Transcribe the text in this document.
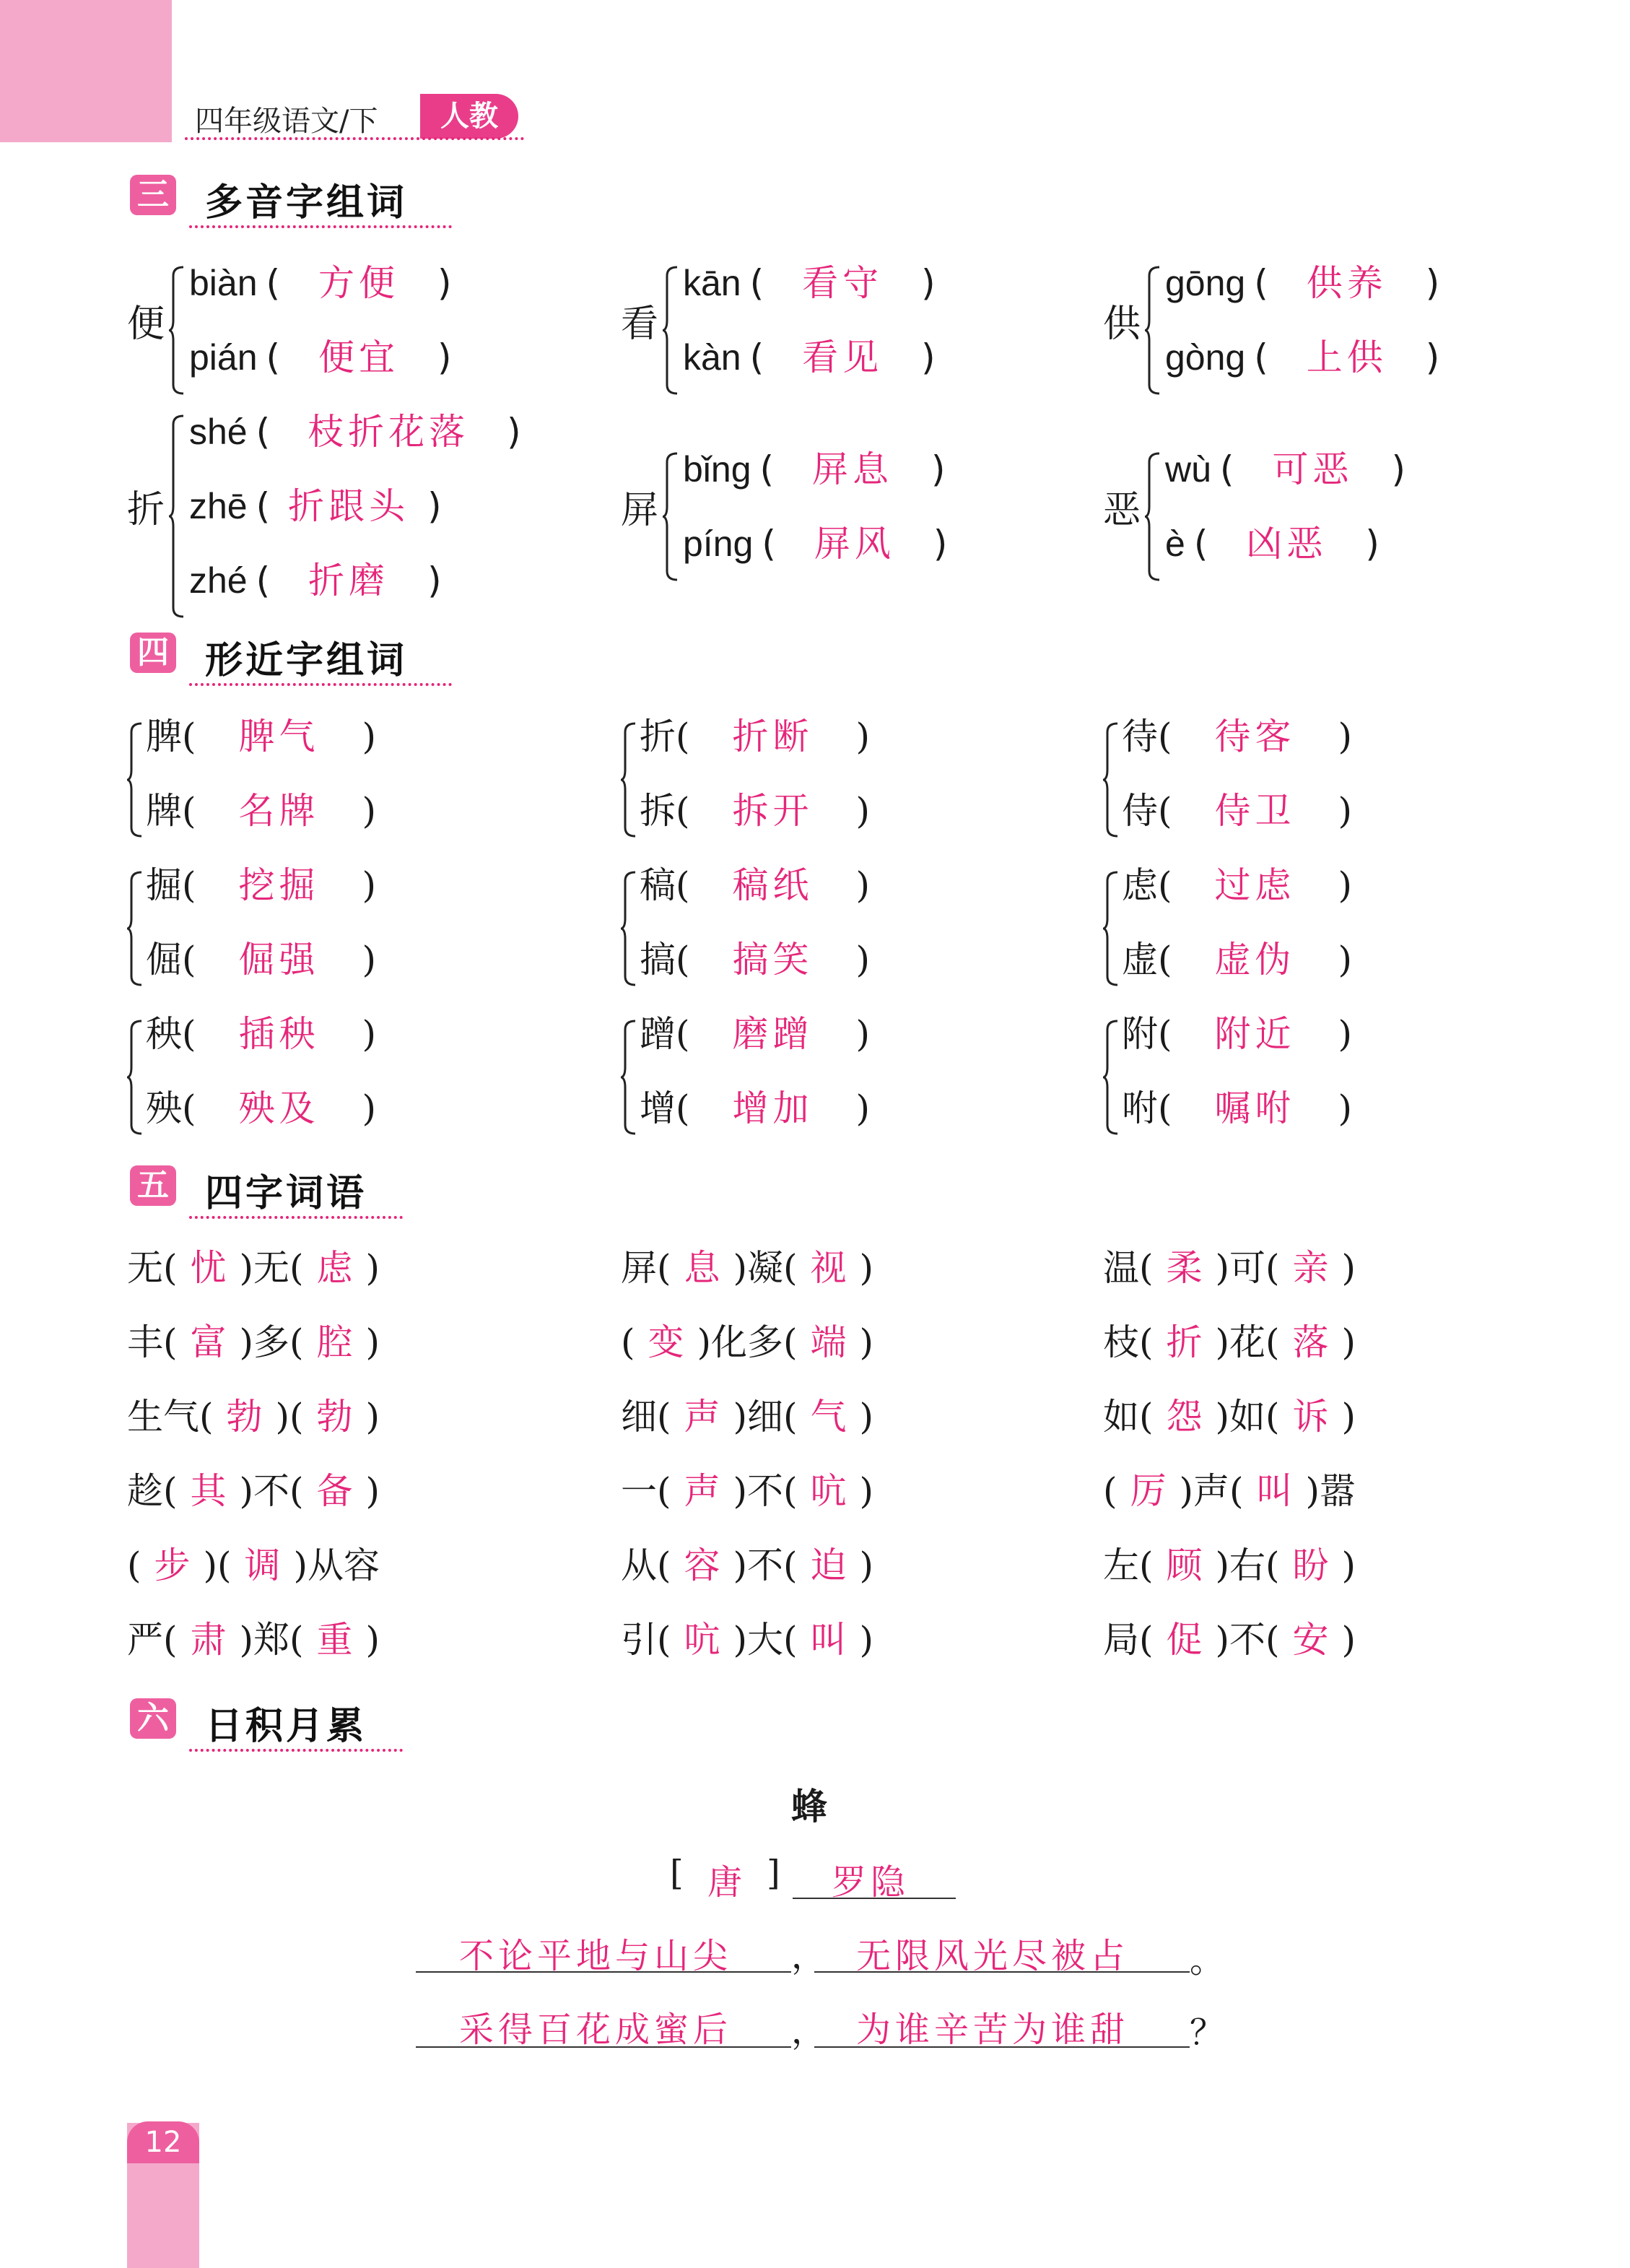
四年级语文/下	人教
三 多音字组词
便
biàn ( 方便 )
pián ( 便宜 )
看
kān ( 看守 )
kàn ( 看见 )
供
gōng ( 供养 )
gòng ( 上供 )
折
shé ( 枝折花落 )
zhē ( 折跟头 )
zhé ( 折磨 )
屏
bǐng ( 屏息 )
píng ( 屏风 )
恶
wù ( 可恶 )
è ( 凶恶 )
四 形近字组词
脾( 脾气 )
牌( 名牌 )
折( 折断 )
拆( 拆开 )
待( 待客 )
侍( 侍卫 )
掘( 挖掘 )
倔( 倔强 )
稿( 稿纸 )
搞( 搞笑 )
虑( 过虑 )
虚( 虚伪 )
秧( 插秧 )
殃( 殃及 )
蹭( 磨蹭 )
增( 增加 )
附( 附近 )
咐( 嘱咐 )
五 四字词语
无( 忧 )无( 虑 )	屏( 息 )凝( 视 )	温( 柔 )可( 亲 )
丰( 富 )多( 腔 )	( 变 )化多( 端 )	枝( 折 )花( 落 )
生气( 勃 )( 勃 )	细( 声 )细( 气 )	如( 怨 )如( 诉 )
趁( 其 )不( 备 )	一( 声 )不( 吭 )	( 厉 )声( 叫 )嚣
( 步 )( 调 )从容	从( 容 )不( 迫 )	左( 顾 )右( 盼 )
严( 肃 )郑( 重 )	引( 吭 )大( 叫 )	局( 促 )不( 安 )
六 日积月累
蜂
[ 唐 ] 罗隐
不论平地与山尖 ， 无限风光尽被占 。
采得百花成蜜后 ， 为谁辛苦为谁甜 ？
12
